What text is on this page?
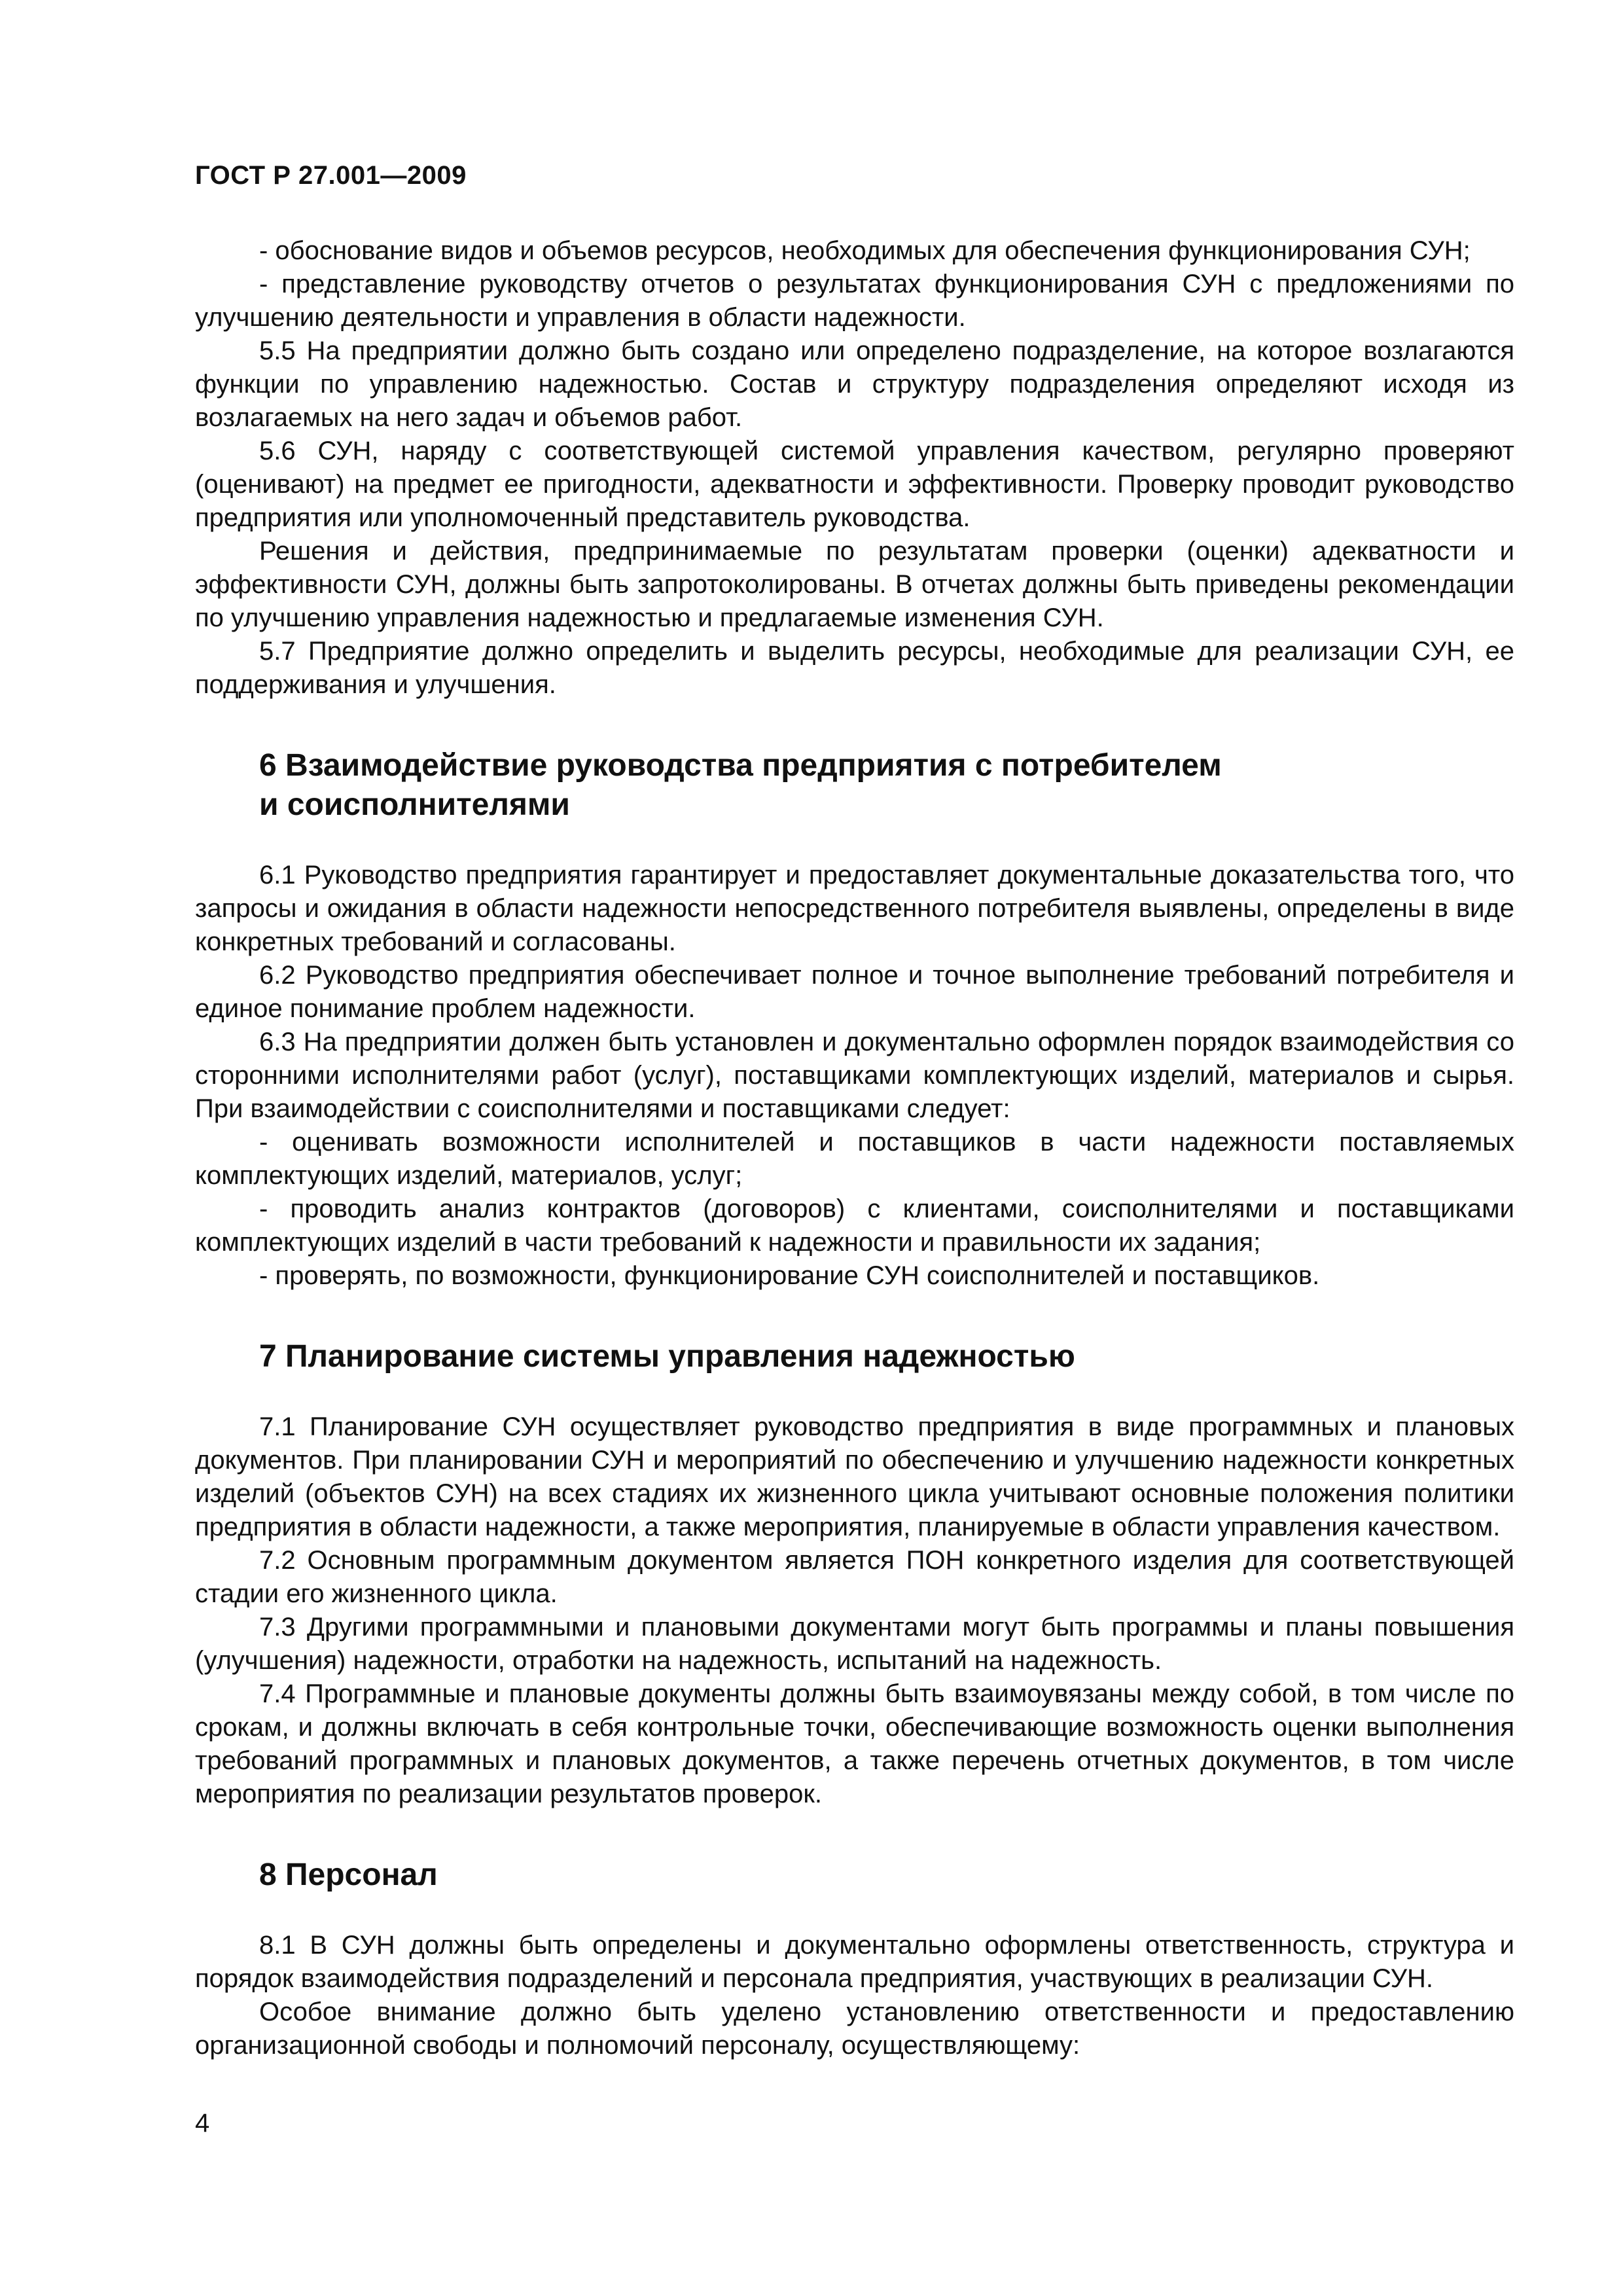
ГОСТ Р 27.001—2009

- обоснование видов и объемов ресурсов, необходимых для обеспечения функционирования СУН;

- представление руководству отчетов о результатах функционирования СУН с предложениями по улучшению деятельности и управления в области надежности.

5.5 На предприятии должно быть создано или определено подразделение, на которое возлагаются функции по управлению надежностью. Состав и структуру подразделения определяют исходя из возлагаемых на него задач и объемов работ.

5.6 СУН, наряду с соответствующей системой управления качеством, регулярно проверяют (оценивают) на предмет ее пригодности, адекватности и эффективности. Проверку проводит руководство предприятия или уполномоченный представитель руководства.

Решения и действия, предпринимаемые по результатам проверки (оценки) адекватности и эффективности СУН, должны быть запротоколированы. В отчетах должны быть приведены рекомендации по улучшению управления надежностью и предлагаемые изменения СУН.

5.7 Предприятие должно определить и выделить ресурсы, необходимые для реализации СУН, ее поддерживания и улучшения.

6 Взаимодействие руководства предприятия с потребителем
и соисполнителями

6.1 Руководство предприятия гарантирует и предоставляет документальные доказательства того, что запросы и ожидания в области надежности непосредственного потребителя выявлены, определены в виде конкретных требований и согласованы.

6.2 Руководство предприятия обеспечивает полное и точное выполнение требований потребителя и единое понимание проблем надежности.

6.3 На предприятии должен быть установлен и документально оформлен порядок взаимодействия со сторонними исполнителями работ (услуг), поставщиками комплектующих изделий, материалов и сырья. При взаимодействии с соисполнителями и поставщиками следует:

- оценивать возможности исполнителей и поставщиков в части надежности поставляемых комплектующих изделий, материалов, услуг;

- проводить анализ контрактов (договоров) с клиентами, соисполнителями и поставщиками комплектующих изделий в части требований к надежности и правильности их задания;

- проверять, по возможности, функционирование СУН соисполнителей и поставщиков.

7 Планирование системы управления надежностью

7.1 Планирование СУН осуществляет руководство предприятия в виде программных и плановых документов. При планировании СУН и мероприятий по обеспечению и улучшению надежности конкретных изделий (объектов СУН) на всех стадиях их жизненного цикла учитывают основные положения политики предприятия в области надежности, а также мероприятия, планируемые в области управления качеством.

7.2 Основным программным документом является ПОН конкретного изделия для соответствующей стадии его жизненного цикла.

7.3 Другими программными и плановыми документами могут быть программы и планы повышения (улучшения) надежности, отработки на надежность, испытаний на надежность.

7.4 Программные и плановые документы должны быть взаимоувязаны между собой, в том числе по срокам, и должны включать в себя контрольные точки, обеспечивающие возможность оценки выполнения требований программных и плановых документов, а также перечень отчетных документов, в том числе мероприятия по реализации результатов проверок.

8 Персонал

8.1 В СУН должны быть определены и документально оформлены ответственность, структура и порядок взаимодействия подразделений и персонала предприятия, участвующих в реализации СУН.

Особое внимание должно быть уделено установлению ответственности и предоставлению организационной свободы и полномочий персоналу, осуществляющему:

4
